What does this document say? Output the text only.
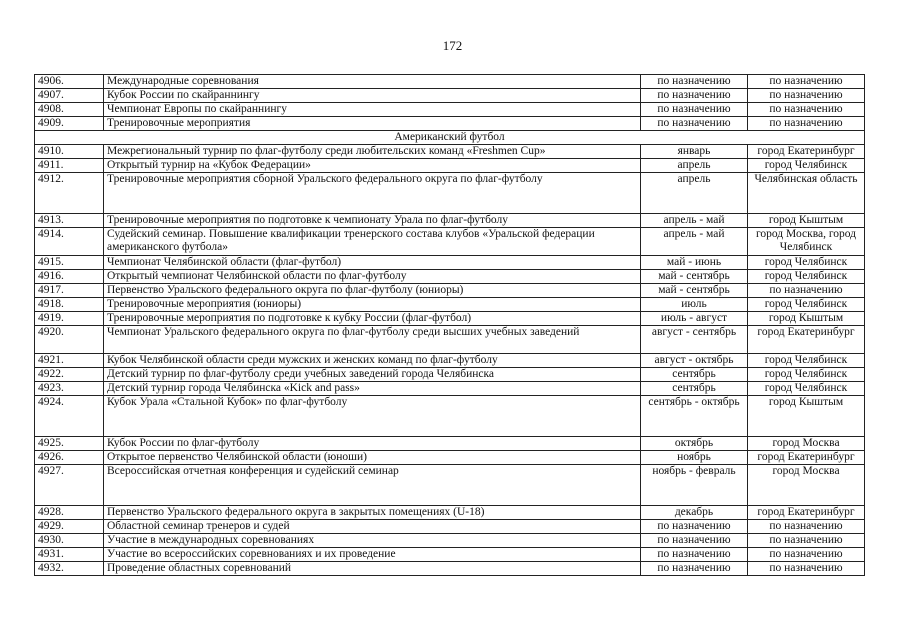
172
4906.	Международные соревнования	по назначению	по назначению
4907.	Кубок России по скайраннингу	по назначению	по назначению
4908.	Чемпионат Европы по скайраннингу	по назначению	по назначению
4909.	Тренировочные мероприятия	по назначению	по назначению
Американский футбол			
4910.	Межрегиональный турнир по флаг-футболу среди любительских команд «Freshmen Cup»	январь	город Екатеринбург
4911.	Открытый турнир на «Кубок Федерации»	апрель	город Челябинск
4912.	Тренировочные мероприятия сборной Уральского федерального округа по флаг-футболу	апрель	Челябинская область
4913.	Тренировочные мероприятия по подготовке к чемпионату Урала по флаг-футболу	апрель - май	город Кыштым
4914.	Судейский семинар. Повышение квалификации тренерского состава клубов «Уральской федерации американского футбола»	апрель - май	город Москва, город Челябинск
4915.	Чемпионат Челябинской области (флаг-футбол)	май - июнь	город Челябинск
4916.	Открытый чемпионат Челябинской области по флаг-футболу	май - сентябрь	город Челябинск
4917.	Первенство Уральского федерального округа по флаг-футболу (юниоры)	май - сентябрь	по назначению
4918.	Тренировочные мероприятия (юниоры)	июль	город Челябинск
4919.	Тренировочные мероприятия по подготовке к кубку России (флаг-футбол)	июль - август	город Кыштым
4920.	Чемпионат Уральского федерального округа по флаг-футболу среди высших учебных заведений	август - сентябрь	город Екатеринбург
4921.	Кубок Челябинской области среди мужских и женских команд по флаг-футболу	август - октябрь	город Челябинск
4922.	Детский турнир по флаг-футболу среди учебных заведений города Челябинска	сентябрь	город Челябинск
4923.	Детский турнир города Челябинска «Kick and pass»	сентябрь	город Челябинск
4924.	Кубок Урала «Стальной Кубок» по флаг-футболу	сентябрь - октябрь	город Кыштым
4925.	Кубок России по флаг-футболу	октябрь	город Москва
4926.	Открытое первенство Челябинской области (юноши)	ноябрь	город Екатеринбург
4927.	Всероссийская отчетная конференция и судейский семинар	ноябрь - февраль	город Москва
4928.	Первенство Уральского федерального округа в закрытых помещениях (U-18)	декабрь	город Екатеринбург
4929.	Областной семинар тренеров и судей	по назначению	по назначению
4930.	Участие в международных соревнованиях	по назначению	по назначению
4931.	Участие во всероссийских соревнованиях и их проведение	по назначению	по назначению
4932.	Проведение областных соревнований	по назначению	по назначению
